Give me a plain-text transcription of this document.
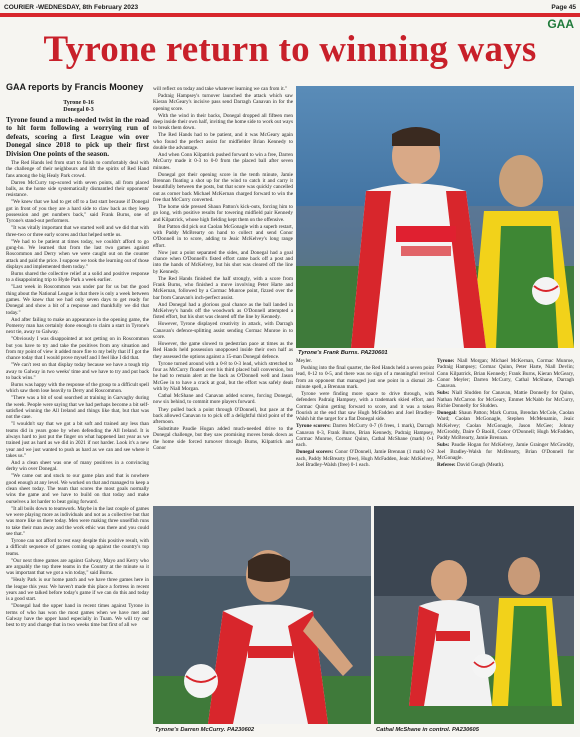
COURIER -WEDNESDAY, 8th February 2023	Page 45
GAA
Tyrone return to winning ways
GAA reports by Francis Mooney
Tyrone 0-16
Donegal 0-3

Tyrone found a much-needed twist in the road to hit form following a worrying run of defeats, scoring a first League win over Donegal since 2018 to pick up their first Division One points of the season.

The Red Hands led from start to finish to comfortably deal with the challenge of their neighbours and lift the spirits of Red Hand fans among the big Healy Park crowd.

Darren McCurry top-scored with seven points, all from placed balls, as the home side systematically dismantled their opponents' resistance.

"We knew that we had to get off to a fast start because if Donegal got in front of you they are a hard side to claw back as they keep possession and get numbers back," said Frank Burns, one of Tyrone's stand-out performers.

"It was vitally important that we started well and we did that with three-two or three early scores and that helped settle us.

"We had to be patient at times today, we couldn't afford to go gung-ho. We learned that from the last two games against Roscommon and Derry when we were caught out on the counter attack and paid the price. I suppose we took the learning out of those displays and implemented them today."

Burns shared the collective relief at a solid and positive response to a disappointing trip to Hyde Park a week earlier.

"Last week in Roscommon was under par for us but the good thing about the National League is that there is only a week between games. We knew that we had only seven days to get ready for Donegal and show a bit of a response and thankfully we did that today."

And after failing to make an appearance in the opening game, the Pomeroy man has certainly done enough to claim a start in Tyrone's next tie, away to Galway.

"Obviously I was disappointed at not getting on in Roscommon but you have to try and take the positives from any situation and from my point of view it added more fire to my belly that if I got the chance today that I would prove myself and I feel like I did that.

"We can't rest on that display today because we have a tough trip away to Galway in two weeks' time and we have to try and put back to back wins."

Burns was happy with the response of the group to a difficult spell which saw them lose heavily to Derry and Roscommon.

"There was a bit of soul searched at training in Garvaghy during the week. People were saying that we had perhaps become a bit self-satisfied winning the All Ireland and things like that, but that was not the case.

"I wouldn't say that we got a bit soft and trained any less than teams did in years gone by when defending the All Ireland. It is always hard to just put the finger on what happened last year as we trained just as hard as we did in 2021 if not harder. Look it's a new year and we just wanted to push as hard as we can and see where it takes us."

And a clean sheet was one of many positives in a convincing derby win over Donegal.

"We came out and stuck to our game plan and that is nowhere good enough at any level. We worked on that and managed to keep a clean sheet today. The team that scores the most goals normally wins the game and we have to build on that today and make ourselves a lot harder to beat going forward.

"It all boils down to teamwork. Maybe in the last couple of games we were playing more as individuals and not as a collective but that was more like us there today. Men were making three unselfish runs to take their man away and the work ethic was there and you could see that."

Tyrone can not afford to rest easy despite this positive result, with a difficult sequence of games coming up against the country's top teams.

"Our next three games are against Galway, Mayo and Kerry who are arguably the top three teams in the Country at the minute so it was important that we got a win today," said Burns.

"Healy Park is our home patch and we have three games here in the league this year. We haven't made this place a fortress in recent years and we talked before today's game if we can do this and today is a good start.

"Donegal had the upper hand in recent times against Tyrone in terms of who has won the most games when we have met and Galway have the upper hand especially in Tuam. We will try our best to try and change that in two weeks time but first of all we

will reflect on today and take whatever learning we can from it."

Padraig Hampsey's turnover launched the attack which saw Kieran McGeary's incisive pass send Darragh Canavan in for the opening score.

With the wind in their backs, Donegal dropped all fifteen men deep inside their own half, inviting the home side to work out ways to break them down.

The Red Hands had to be patient, and it was McGeary again who found the perfect assist for midfielder Brian Kennedy to double the advantage.

And when Conn Kilpatrick pushed forward to win a free, Darren McCurry made it 0-3 to 0-0 from the placed ball after seven minutes.

Donegal got their opening score in the tenth minute, Jamie Brennan floating a shot up for the wind to catch it and carry it beautifully between the posts, but that score was quickly cancelled out as corner back Michael McKernan charged forward to win the free that McCurry converted.

The home side pressed Shaun Patton's kick-outs, forcing him to go long, with positive results for towering midfield pair Kennedy and Kilpatrick, whose high fielding kept them on the offensive.

But Patton did pick out Caolan McGonagle with a superb restart, with Paddy McBrearty on hand to collect and send Conor O'Donnell in to score, adding to Jeaic McKelvey's long range effort.

Now just a point separated the sides, and Donegal had a goal chance when O'Donnell's fisted effort came back off a post and into the hands of McKelvey, but his shot was cleared off the line by Kennedy.

The Red Hands finished the half strongly, with a score from Frank Burns, who finished a move involving Peter Harte and McKernan, followed by a Cormac Munroe point, fizzed over the bar from Canavan's inch-perfect assist.

And Donegal had a glorious goal chance as the ball landed in McKelvey's hands off the woodwork as O'Donnell attempted a fisted effort, but his shot was cleared off the line by Kennedy.

However, Tyrone displayed creativity in attack, with Darragh Canavan's defence-splitting assist sending Cormac Munroe in to score.

However, the game slowed to pedestrian pace at times as the Red Hands held possession unopposed inside their own half as they assessed the options against a 15-man Donegal defence.

Tyrone turned around with a 0-8 to 0-3 lead, which stretched to four as McCurry floated over his third placed ball conversion, but he had to remain alert at the back as O'Donnell well and Jason McGee in to have a crack at goal, but the effort was safely dealt with by Niall Morgan.

Cathal McShane and Canavan added scores, forcing Donegal, now six behind, to commit more players forward.

They pulled back a point through O'Donnell, but pace at the back allowed Canavan to to pick off a delightful third point of the afternoon.

Substitute Paudie Hogan added much-needed drive to the Donegal challenge, but they saw promising moves break down as the home side forced turnover through Burns, Kilpatrick and Conor

Tyrone's Frank Burns. PA230601

Meyler.

Pushing into the final quarter, the Red Hands held a seven point lead, 0-12 to 0-5, and there was no sign of a meaningful revival from an opponent that managed just one point in a dismal 20-minute spell, a Brennan mark.

Tyrone were finding more space to drive through, with defenders Padraig Hampsey, with a trademark skied effort, and Cormac Quinn getting forward to score, and it was a token flourish at the end that saw Hugh McFadden and Joel Bradley-Walsh hit the target for a flat Donegal side.

Tyrone scorers: Darren McCurry 0-7 (6 frees, 1 mark), Darragh Canavan 0-3, Frank Burns, Brian Kennedy, Padraig Hampsey, Cormac Munroe, Cormac Quinn, Cathal McShane (mark) 0-1 each.

Donegal scorers: Conor O'Donnell, Jamie Brennan (1 mark) 0-2 each, Paddy McBrearty (free), Hugh McFadden, Jeaic McKelvey, Joel Bradley-Walsh (free) 0-1 each.

Tyrone: Niall Morgan; Michael McKernan, Cormac Munroe, Padraig Hampsey; Cormac Quinn, Peter Harte, Niall Devlin; Conn Kilpatrick, Brian Kennedy; Frank Burns, Kieran McGeary, Conor Meyler; Darren McCurry, Cathal McShane, Darragh Canavan.

Subs: Niall Sludden for Canavan, Mattie Donnelly for Quinn, Nathan McCarron for McGeary, Emmet McNabb for McCurry, Richie Donnelly for Sludden.

Donegal: Shaun Patton; Mark Curran, Brendan McCole, Caolan Ward; Caolan McGonagle, Stephen McMenamin, Jeaic McKelvey; Caolan McGonagle, Jason McGee; Johnny McGroddy, Daire Ó Baoill, Conor O'Donnell; Hugh McFadden, Paddy McBrearty, Jamie Brennan.

Subs: Paudie Hogan for McKelvey, Jamie Grainger McGroddy, Joel Bradley-Walsh for McBrearty, Brian O'Donnell for McGonagle.

Referee: David Gough (Meath).

Tyrone's Darren McCurry. PA230602	Cathal McShane in control. PA230605
